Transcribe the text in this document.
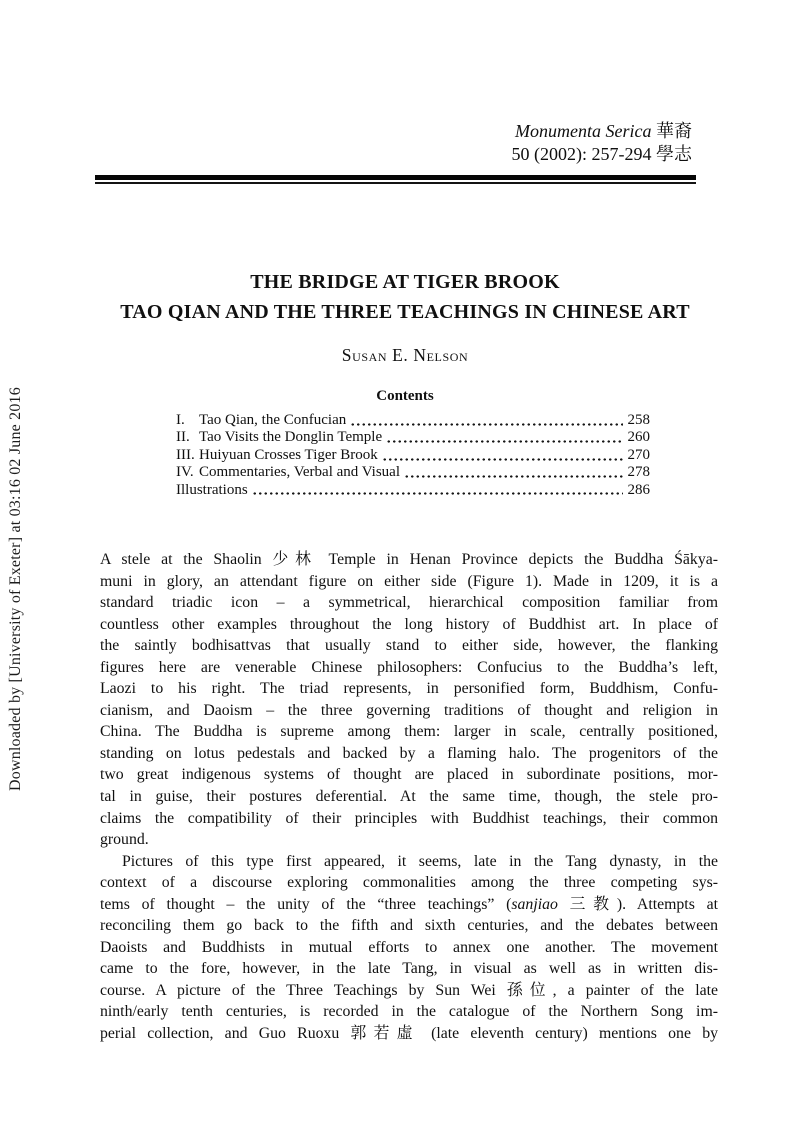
Downloaded by [University of Exeter] at 03:16 02 June 2016
Monumenta Serica 華裔
50 (2002): 257-294 學志
THE BRIDGE AT TIGER BROOK
TAO QIAN AND THE THREE TEACHINGS IN CHINESE ART
Susan E. Nelson
Contents
I. Tao Qian, the Confucian	258
II. Tao Visits the Donglin Temple	260
III. Huiyuan Crosses Tiger Brook	270
IV. Commentaries, Verbal and Visual	278
Illustrations	286
A stele at the Shaolin 少林 Temple in Henan Province depicts the Buddha Śākya-
muni in glory, an attendant figure on either side (Figure 1). Made in 1209, it is a
standard triadic icon – a symmetrical, hierarchical composition familiar from
countless other examples throughout the long history of Buddhist art. In place of
the saintly bodhisattvas that usually stand to either side, however, the flanking
figures here are venerable Chinese philosophers: Confucius to the Buddha’s left,
Laozi to his right. The triad represents, in personified form, Buddhism, Confu-
cianism, and Daoism – the three governing traditions of thought and religion in
China. The Buddha is supreme among them: larger in scale, centrally positioned,
standing on lotus pedestals and backed by a flaming halo. The progenitors of the
two great indigenous systems of thought are placed in subordinate positions, mor-
tal in guise, their postures deferential. At the same time, though, the stele pro-
claims the compatibility of their principles with Buddhist teachings, their common
ground.
Pictures of this type first appeared, it seems, late in the Tang dynasty, in the
context of a discourse exploring commonalities among the three competing sys-
tems of thought – the unity of the “three teachings” (sanjiao 三教). Attempts at
reconciling them go back to the fifth and sixth centuries, and the debates between
Daoists and Buddhists in mutual efforts to annex one another. The movement
came to the fore, however, in the late Tang, in visual as well as in written dis-
course. A picture of the Three Teachings by Sun Wei 孫位, a painter of the late
ninth/early tenth centuries, is recorded in the catalogue of the Northern Song im-
perial collection, and Guo Ruoxu 郭若虛 (late eleventh century) mentions one by
